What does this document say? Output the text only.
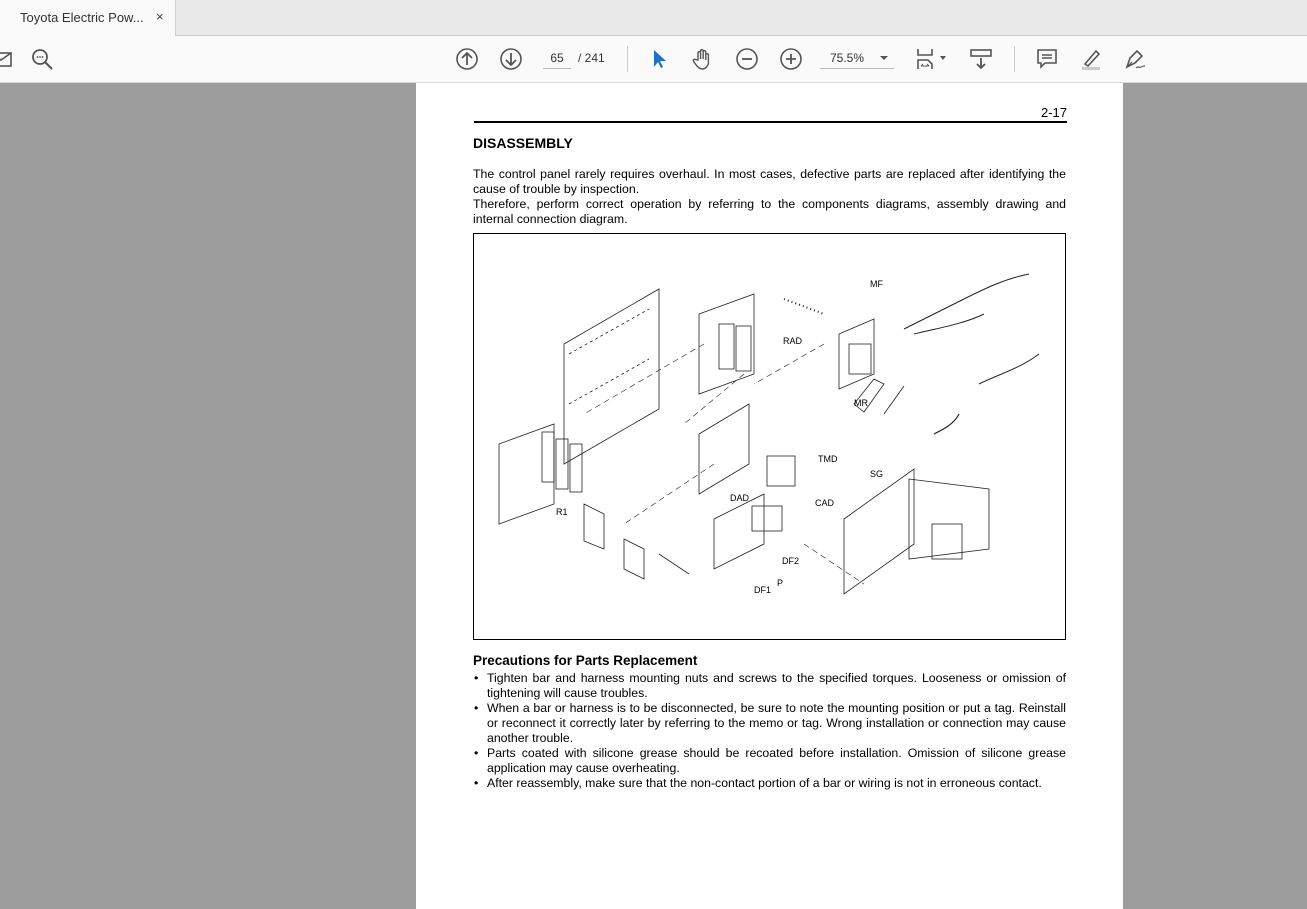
Toyota Electric Pow... ×
65	/ 241	75.5%
2-17
DISASSEMBLY
The control panel rarely requires overhaul. In most cases, defective parts are replaced after identifying the cause of trouble by inspection.
Therefore, perform correct operation by referring to the components diagrams, assembly drawing and internal connection diagram.
MF
RAD
MR
TMD
SG
DAD	CAD
R1
DF2
DF1
P
Precautions for Parts Replacement
• Tighten bar and harness mounting nuts and screws to the specified torques. Looseness or omission of tightening will cause troubles.
• When a bar or harness is to be disconnected, be sure to note the mounting position or put a tag. Reinstall or reconnect it correctly later by referring to the memo or tag. Wrong installation or connection may cause another trouble.
• Parts coated with silicone grease should be recoated before installation. Omission of silicone grease application may cause overheating.
• After reassembly, make sure that the non-contact portion of a bar or wiring is not in erroneous contact.
